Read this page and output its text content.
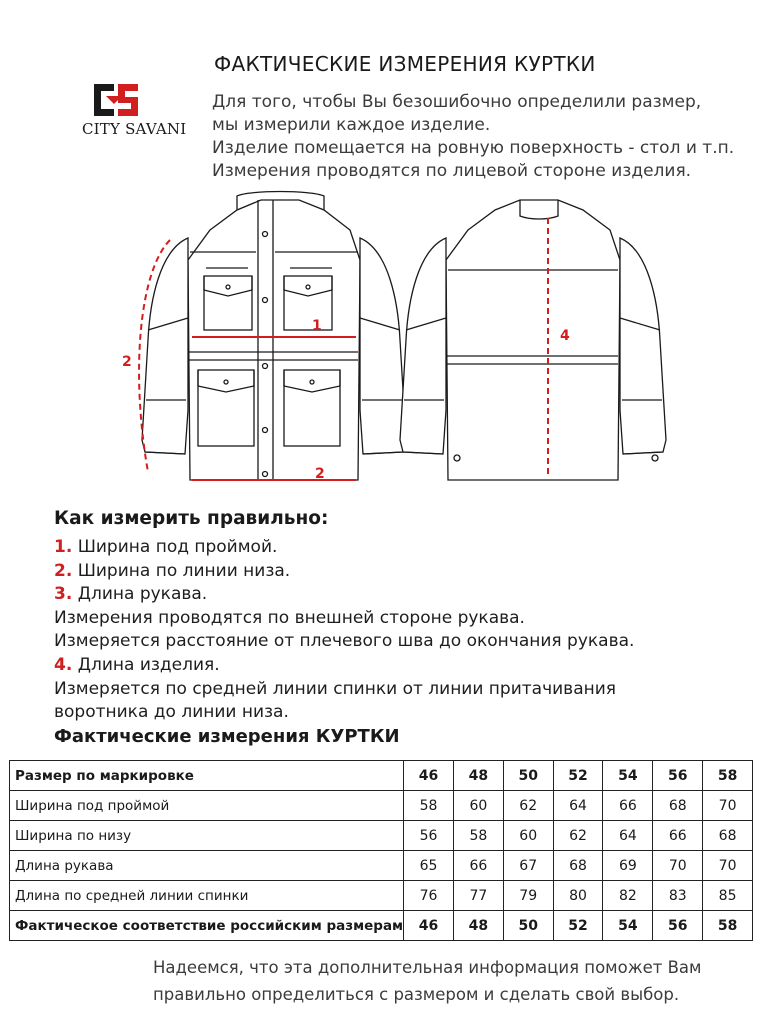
CITY SAVANI
ФАКТИЧЕСКИЕ ИЗМЕРЕНИЯ КУРТКИ
Для того, чтобы Вы безошибочно определили размер,
мы измерили каждое изделие.
Изделие помещается на ровную поверхность - стол и т.п.
Измерения проводятся по лицевой стороне изделия.
1
2
2
4
Как измерить правильно:
1. Ширина под проймой.
2. Ширина по линии низа.
3. Длина рукава.
Измерения проводятся по внешней стороне рукава.
Измеряется расстояние от плечевого шва до окончания рукава.
4. Длина изделия.
Измеряется по средней линии спинки от линии притачивания
воротника до линии низа.
Фактические измерения КУРТКИ
Размер по маркировке	46	48	50	52	54	56	58
Ширина под проймой	58	60	62	64	66	68	70
Ширина по низу	56	58	60	62	64	66	68
Длина рукава	65	66	67	68	69	70	70
Длина по средней линии спинки	76	77	79	80	82	83	85
Фактическое соответствие российским размерам	46	48	50	52	54	56	58
Надеемся, что эта дополнительная информация поможет Вам
правильно определиться с размером и сделать свой выбор.
